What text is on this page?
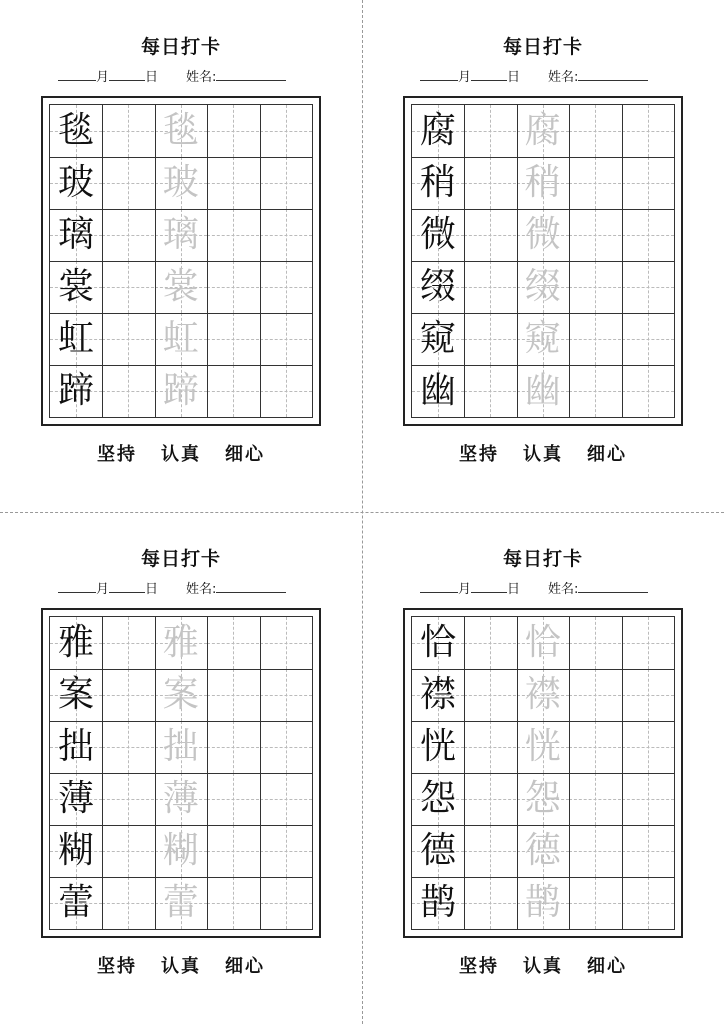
每日打卡
月	日 姓名:
毯 毯
玻 玻
璃 璃
裳 裳
虹 虹
蹄 蹄
坚持 认真 细心
每日打卡
月	日 姓名:
腐 腐
稍 稍
微 微
缀 缀
窥 窥
幽 幽
坚持 认真 细心
每日打卡
月	日 姓名:
雅 雅
案 案
拙 拙
薄 薄
糊 糊
蕾 蕾
坚持 认真 细心
每日打卡
月	日 姓名:
恰 恰
襟 襟
恍 恍
怨 怨
德 德
鹊 鹊
坚持 认真 细心
